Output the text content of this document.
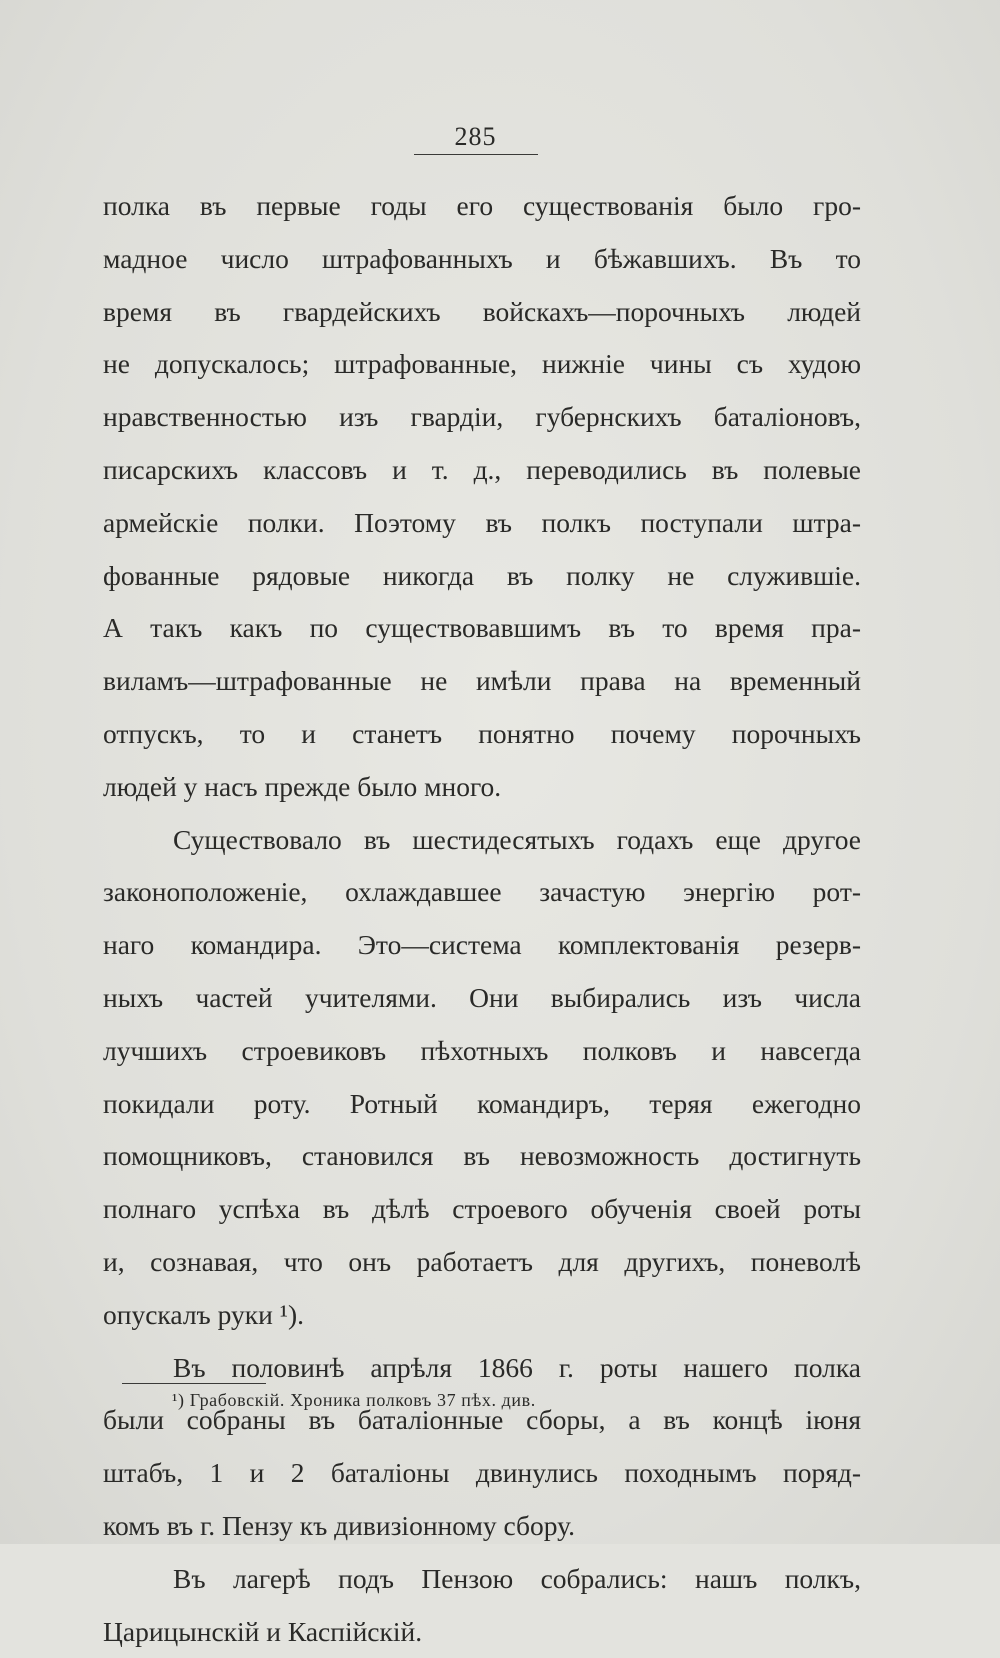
285
полка въ первые годы его существованія было гро-
мадное число штрафованныхъ и бѣжавшихъ. Въ то
время въ гвардейскихъ войскахъ—порочныхъ людей
не допускалось; штрафованные, нижніе чины съ худою
нравственностью изъ гвардіи, губернскихъ баталіоновъ,
писарскихъ классовъ и т. д., переводились въ полевые
армейскіе полки. Поэтому въ полкъ поступали штра-
фованные рядовые никогда въ полку не служившіе.
А такъ какъ по существовавшимъ въ то время пра-
виламъ—штрафованные не имѣли права на временный
отпускъ, то и станетъ понятно почему порочныхъ
людей у насъ прежде было много.
Существовало въ шестидесятыхъ годахъ еще другое
законоположеніе, охлаждавшее зачастую энергію рот-
наго командира. Это—система комплектованія резерв-
ныхъ частей учителями. Они выбирались изъ числа
лучшихъ строевиковъ пѣхотныхъ полковъ и навсегда
покидали роту. Ротный командиръ, теряя ежегодно
помощниковъ, становился въ невозможность достигнуть
полнаго успѣха въ дѣлѣ строевого обученія своей роты
и, сознавая, что онъ работаетъ для другихъ, поневолѣ
опускалъ руки ¹).
Въ половинѣ апрѣля 1866 г. роты нашего полка
были собраны въ баталіонные сборы, а въ концѣ іюня
штабъ, 1 и 2 баталіоны двинулись походнымъ поряд-
комъ въ г. Пензу къ дивизіонному сбору.
Въ лагерѣ подъ Пензою собрались: нашъ полкъ,
Царицынскій и Каспійскій.
¹) Грабовскій. Хроника полковъ 37 пѣх. див.
